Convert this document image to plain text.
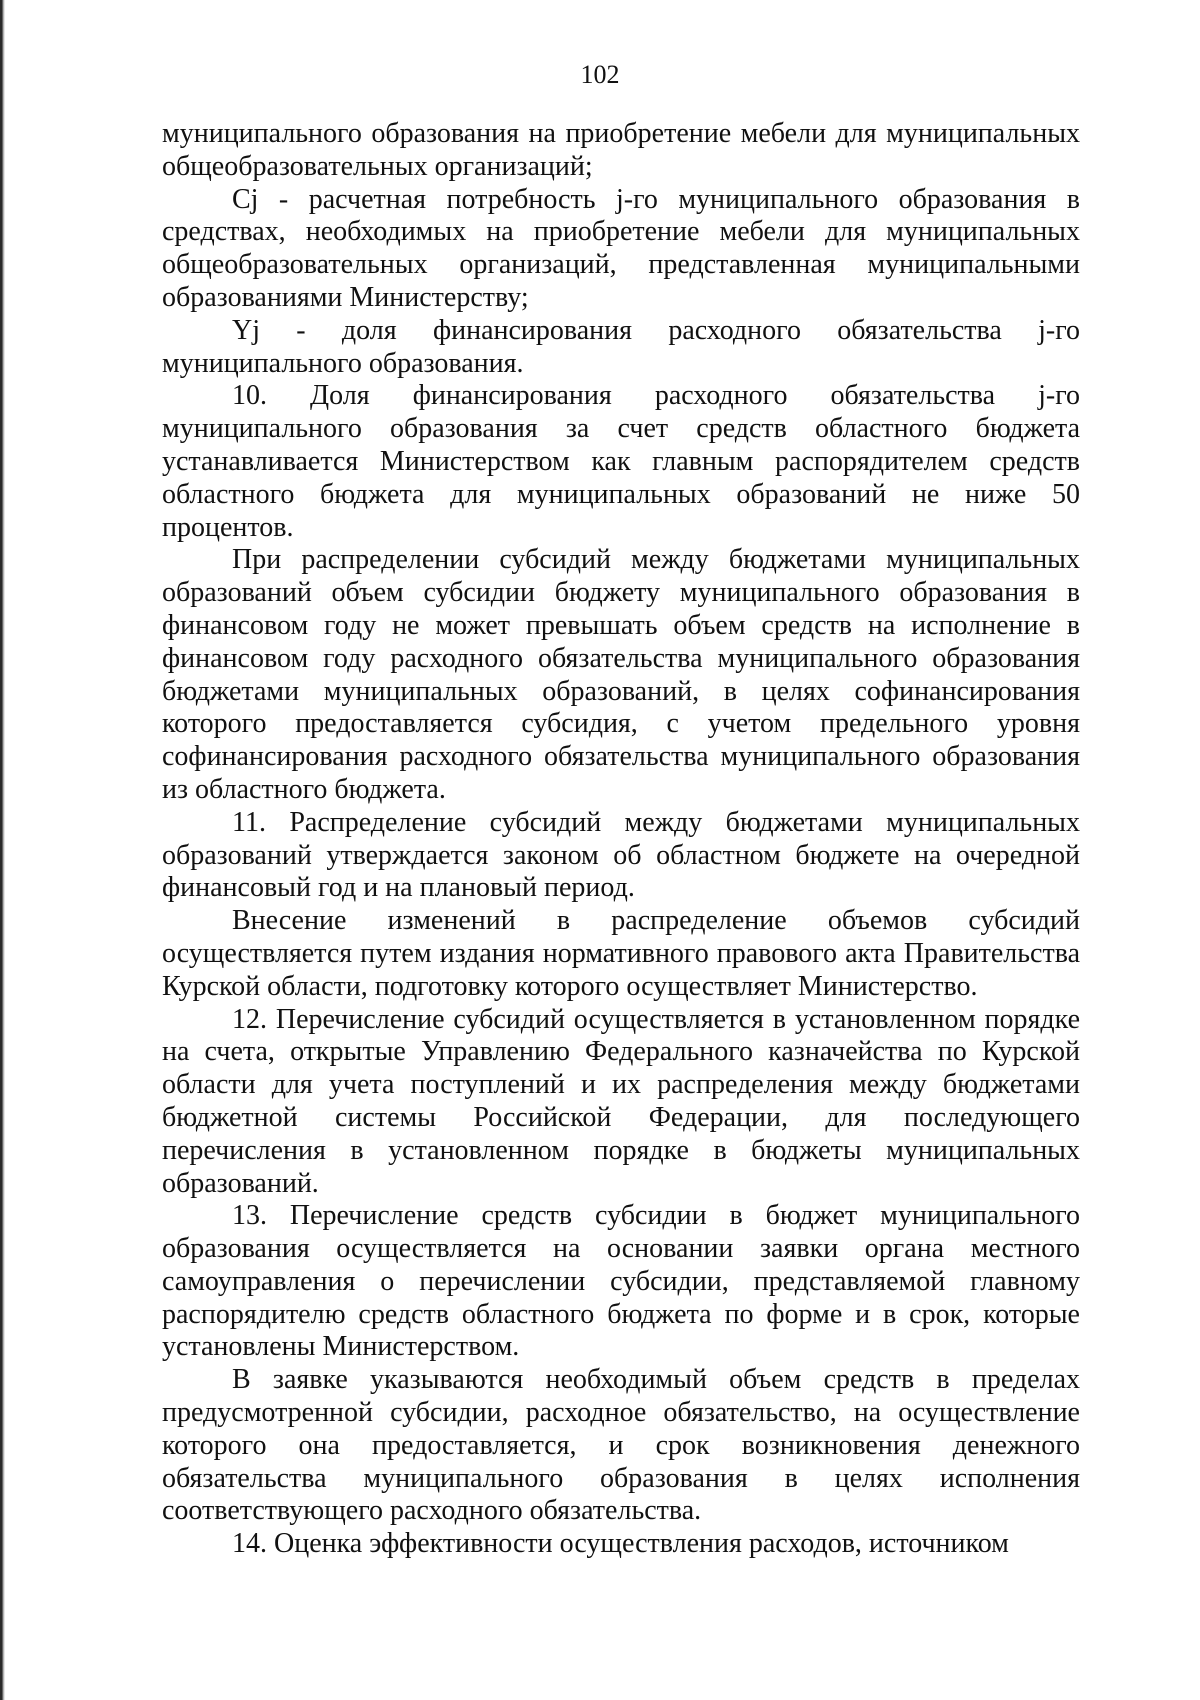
102

муниципального образования на приобретение мебели для муниципальных общеобразовательных организаций;

Cj - расчетная потребность j-го муниципального образования в средствах, необходимых на приобретение мебели для муниципальных общеобразовательных организаций, представленная муниципальными образованиями Министерству;

Yj - доля финансирования расходного обязательства j-го муниципального образования.

10. Доля финансирования расходного обязательства j-го муниципального образования за счет средств областного бюджета устанавливается Министерством как главным распорядителем средств областного бюджета для муниципальных образований не ниже 50 процентов.

При распределении субсидий между бюджетами муниципальных образований объем субсидии бюджету муниципального образования в финансовом году не может превышать объем средств на исполнение в финансовом году расходного обязательства муниципального образования бюджетами муниципальных образований, в целях софинансирования которого предоставляется субсидия, с учетом предельного уровня софинансирования расходного обязательства муниципального образования из областного бюджета.

11. Распределение субсидий между бюджетами муниципальных образований утверждается законом об областном бюджете на очередной финансовый год и на плановый период.

Внесение изменений в распределение объемов субсидий осуществляется путем издания нормативного правового акта Правительства Курской области, подготовку которого осуществляет Министерство.

12. Перечисление субсидий осуществляется в установленном порядке на счета, открытые Управлению Федерального казначейства по Курской области для учета поступлений и их распределения между бюджетами бюджетной системы Российской Федерации, для последующего перечисления в установленном порядке в бюджеты муниципальных образований.

13. Перечисление средств субсидии в бюджет муниципального образования осуществляется на основании заявки органа местного самоуправления о перечислении субсидии, представляемой главному распорядителю средств областного бюджета по форме и в срок, которые установлены Министерством.

В заявке указываются необходимый объем средств в пределах предусмотренной субсидии, расходное обязательство, на осуществление которого она предоставляется, и срок возникновения денежного обязательства муниципального образования в целях исполнения соответствующего расходного обязательства.

14. Оценка эффективности осуществления расходов, источником
